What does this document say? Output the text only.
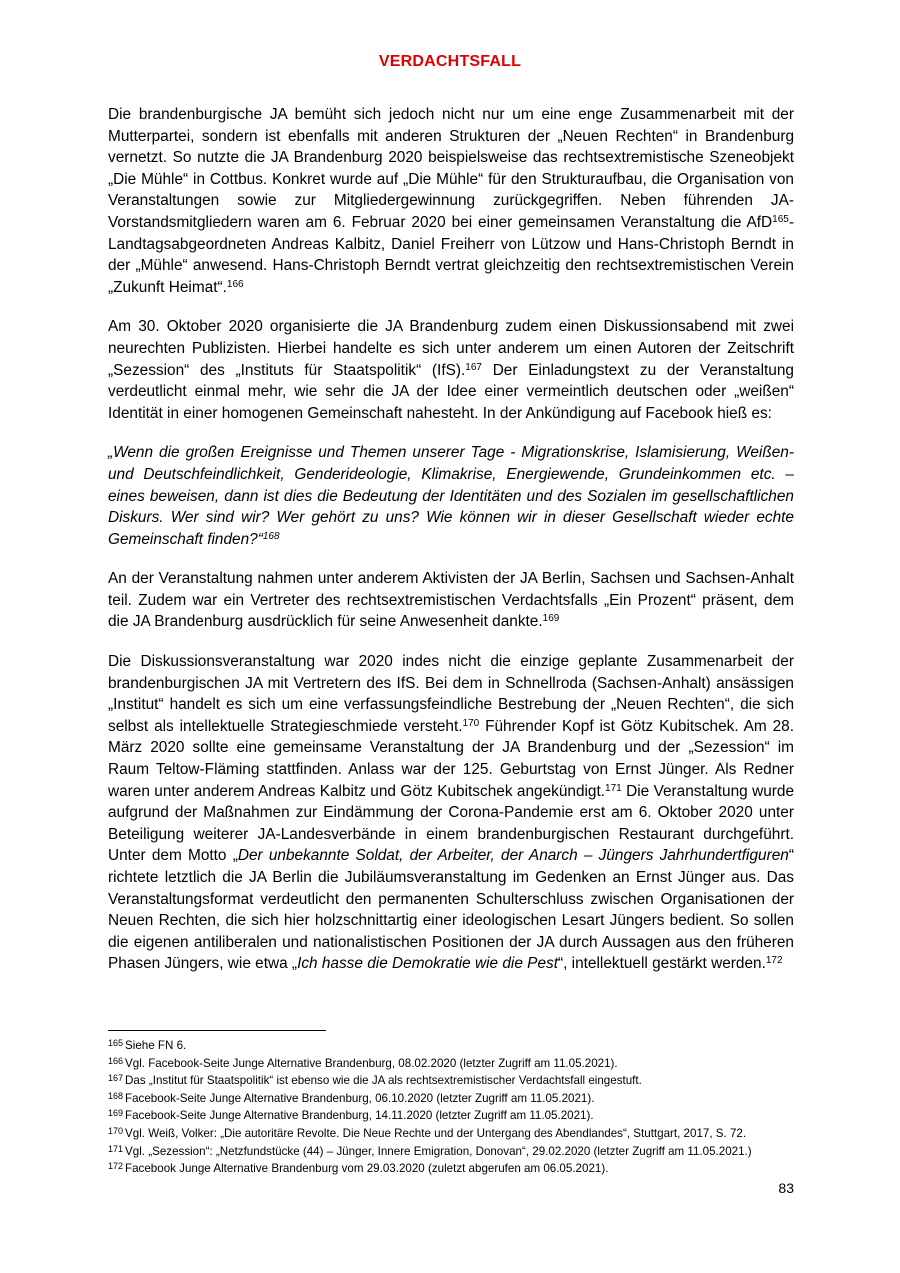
VERDACHTSFALL

Die brandenburgische JA bemüht sich jedoch nicht nur um eine enge Zusammenarbeit mit der Mutterpartei, sondern ist ebenfalls mit anderen Strukturen der „Neuen Rechten“ in Brandenburg vernetzt. So nutzte die JA Brandenburg 2020 beispielsweise das rechtsextremistische Szeneobjekt „Die Mühle“ in Cottbus. Konkret wurde auf „Die Mühle“ für den Strukturaufbau, die Organisation von Veranstaltungen sowie zur Mitgliedergewinnung zurückgegriffen. Neben führenden JA-Vorstandsmitgliedern waren am 6. Februar 2020 bei einer gemeinsamen Veranstaltung die AfD$^{165}$-Landtagsabgeordneten Andreas Kalbitz, Daniel Freiherr von Lützow und Hans-Christoph Berndt in der „Mühle“ anwesend. Hans-Christoph Berndt vertrat gleichzeitig den rechtsextremistischen Verein „Zukunft Heimat“.$^{166}$

Am 30. Oktober 2020 organisierte die JA Brandenburg zudem einen Diskussionsabend mit zwei neurechten Publizisten. Hierbei handelte es sich unter anderem um einen Autoren der Zeitschrift „Sezession“ des „Instituts für Staatspolitik“ (IfS).$^{167}$ Der Einladungstext zu der Veranstaltung verdeutlicht einmal mehr, wie sehr die JA der Idee einer vermeintlich deutschen oder „weißen“ Identität in einer homogenen Gemeinschaft nahesteht. In der Ankündigung auf Facebook hieß es:

„Wenn die großen Ereignisse und Themen unserer Tage - Migrationskrise, Islamisierung, Weißen- und Deutschfeindlichkeit, Genderideologie, Klimakrise, Energiewende, Grundeinkommen etc. – eines beweisen, dann ist dies die Bedeutung der Identitäten und des Sozialen im gesellschaftlichen Diskurs. Wer sind wir? Wer gehört zu uns? Wie können wir in dieser Gesellschaft wieder echte Gemeinschaft finden?“$^{168}$

An der Veranstaltung nahmen unter anderem Aktivisten der JA Berlin, Sachsen und Sachsen-Anhalt teil. Zudem war ein Vertreter des rechtsextremistischen Verdachtsfalls „Ein Prozent“ präsent, dem die JA Brandenburg ausdrücklich für seine Anwesenheit dankte.$^{169}$

Die Diskussionsveranstaltung war 2020 indes nicht die einzige geplante Zusammenarbeit der brandenburgischen JA mit Vertretern des IfS. Bei dem in Schnellroda (Sachsen-Anhalt) ansässigen „Institut“ handelt es sich um eine verfassungsfeindliche Bestrebung der „Neuen Rechten“, die sich selbst als intellektuelle Strategieschmiede versteht.$^{170}$ Führender Kopf ist Götz Kubitschek. Am 28. März 2020 sollte eine gemeinsame Veranstaltung der JA Brandenburg und der „Sezession“ im Raum Teltow-Fläming stattfinden. Anlass war der 125. Geburtstag von Ernst Jünger. Als Redner waren unter anderem Andreas Kalbitz und Götz Kubitschek angekündigt.$^{171}$ Die Veranstaltung wurde aufgrund der Maßnahmen zur Eindämmung der Corona-Pandemie erst am 6. Oktober 2020 unter Beteiligung weiterer JA-Landesverbände in einem brandenburgischen Restaurant durchgeführt. Unter dem Motto „Der unbekannte Soldat, der Arbeiter, der Anarch – Jüngers Jahrhundertfiguren“ richtete letztlich die JA Berlin die Jubiläumsveranstaltung im Gedenken an Ernst Jünger aus. Das Veranstaltungsformat verdeutlicht den permanenten Schulterschluss zwischen Organisationen der Neuen Rechten, die sich hier holzschnittartig einer ideologischen Lesart Jüngers bedient. So sollen die eigenen antiliberalen und nationalistischen Positionen der JA durch Aussagen aus den früheren Phasen Jüngers, wie etwa „Ich hasse die Demokratie wie die Pest“, intellektuell gestärkt werden.$^{172}$

$^{165}$ Siehe FN 6.
$^{166}$ Vgl. Facebook-Seite Junge Alternative Brandenburg, 08.02.2020 (letzter Zugriff am 11.05.2021).
$^{167}$ Das „Institut für Staatspolitik“ ist ebenso wie die JA als rechtsextremistischer Verdachtsfall eingestuft.
$^{168}$ Facebook-Seite Junge Alternative Brandenburg, 06.10.2020 (letzter Zugriff am 11.05.2021).
$^{169}$ Facebook-Seite Junge Alternative Brandenburg, 14.11.2020 (letzter Zugriff am 11.05.2021).
$^{170}$ Vgl. Weiß, Volker: „Die autoritäre Revolte. Die Neue Rechte und der Untergang des Abendlandes“, Stuttgart, 2017, S. 72.
$^{171}$ Vgl. „Sezession“: „Netzfundstücke (44) – Jünger, Innere Emigration, Donovan“, 29.02.2020 (letzter Zugriff am 11.05.2021.)
$^{172}$ Facebook Junge Alternative Brandenburg vom 29.03.2020 (zuletzt abgerufen am 06.05.2021).
83
